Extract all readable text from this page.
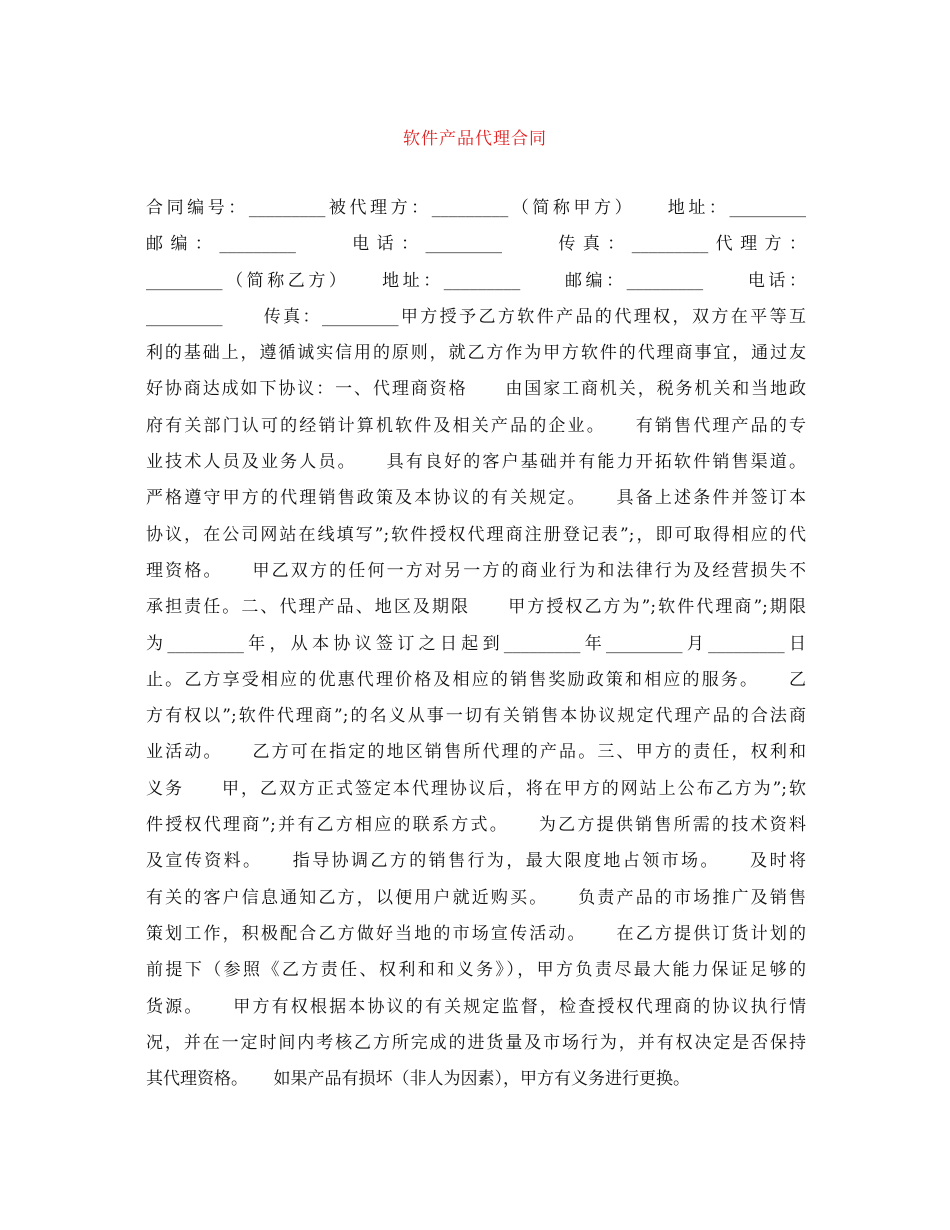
软件产品代理合同
合同编号：_________被代理方：_________（简称甲方）　　地址：_________
邮编：_________　　电话：_________　　传真：_________代理方：
_________（简称乙方）　　地址：_________　　邮编：_________　　电话：
_________　　传真：_________甲方授予乙方软件产品的代理权，双方在平等互
利的基础上，遵循诚实信用的原则，就乙方作为甲方软件的代理商事宜，通过友
好协商达成如下协议：一、代理商资格　　由国家工商机关，税务机关和当地政
府有关部门认可的经销计算机软件及相关产品的企业。　　有销售代理产品的专
业技术人员及业务人员。　　具有良好的客户基础并有能力开拓软件销售渠道。
严格遵守甲方的代理销售政策及本协议的有关规定。　　具备上述条件并签订本
协议，在公司网站在线填写”;软件授权代理商注册登记表”;，即可取得相应的代
理资格。　　甲乙双方的任何一方对另一方的商业行为和法律行为及经营损失不
承担责任。二、代理产品、地区及期限　　甲方授权乙方为”;软件代理商”;期限
为_________年，从本协议签订之日起到_________年_________月_________日
止。乙方享受相应的优惠代理价格及相应的销售奖励政策和相应的服务。　　乙
方有权以”;软件代理商”;的名义从事一切有关销售本协议规定代理产品的合法商
业活动。　　乙方可在指定的地区销售所代理的产品。三、甲方的责任，权利和
义务　　甲，乙双方正式签定本代理协议后，将在甲方的网站上公布乙方为”;软
件授权代理商”;并有乙方相应的联系方式。　　为乙方提供销售所需的技术资料
及宣传资料。　　指导协调乙方的销售行为，最大限度地占领市场。　　及时将
有关的客户信息通知乙方，以便用户就近购买。　　负责产品的市场推广及销售
策划工作，积极配合乙方做好当地的市场宣传活动。　　在乙方提供订货计划的
前提下（参照《乙方责任、权利和和义务》），甲方负责尽最大能力保证足够的
货源。　　甲方有权根据本协议的有关规定监督，检查授权代理商的协议执行情
况，并在一定时间内考核乙方所完成的进货量及市场行为，并有权决定是否保持
其代理资格。　　如果产品有损坏（非人为因素），甲方有义务进行更换。
